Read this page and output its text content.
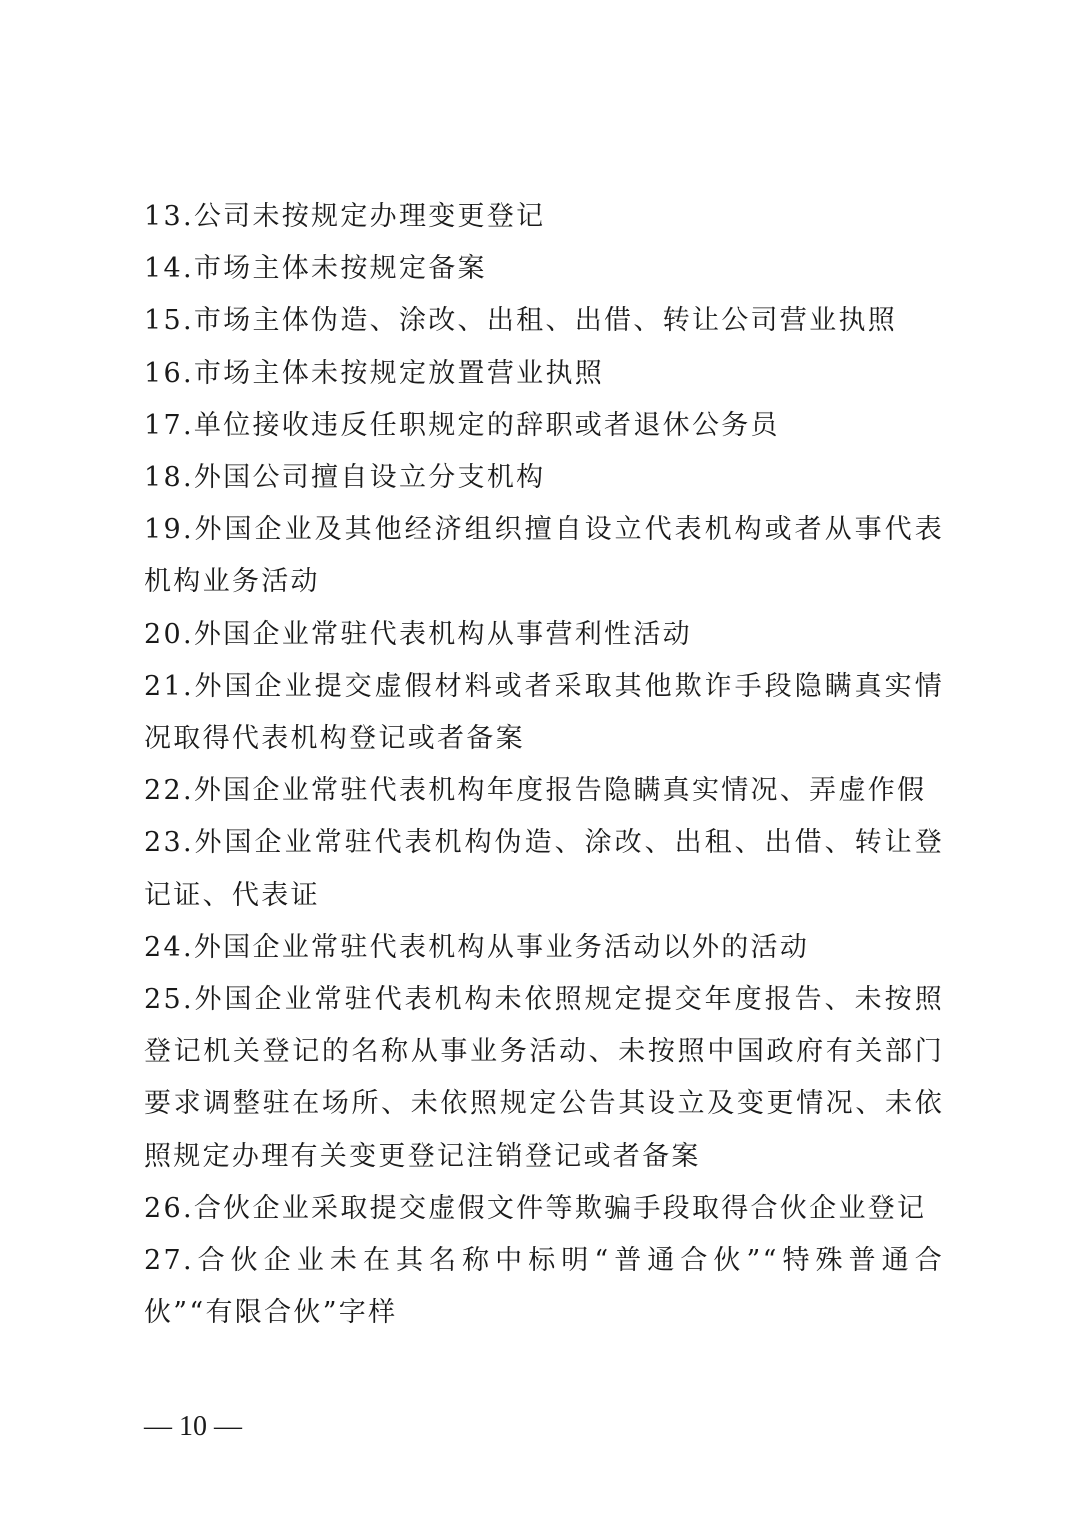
13.公司未按规定办理变更登记

14.市场主体未按规定备案

15.市场主体伪造、涂改、出租、出借、转让公司营业执照

16.市场主体未按规定放置营业执照

17.单位接收违反任职规定的辞职或者退休公务员

18.外国公司擅自设立分支机构

19.外国企业及其他经济组织擅自设立代表机构或者从事代表机构业务活动

20.外国企业常驻代表机构从事营利性活动

21.外国企业提交虚假材料或者采取其他欺诈手段隐瞒真实情况取得代表机构登记或者备案

22.外国企业常驻代表机构年度报告隐瞒真实情况、弄虚作假

23.外国企业常驻代表机构伪造、涂改、出租、出借、转让登记证、代表证

24.外国企业常驻代表机构从事业务活动以外的活动

25.外国企业常驻代表机构未依照规定提交年度报告、未按照登记机关登记的名称从事业务活动、未按照中国政府有关部门要求调整驻在场所、未依照规定公告其设立及变更情况、未依照规定办理有关变更登记注销登记或者备案

26.合伙企业采取提交虚假文件等欺骗手段取得合伙企业登记

27.合伙企业未在其名称中标明“普通合伙”“特殊普通合伙”“有限合伙”字样

— 10 —
